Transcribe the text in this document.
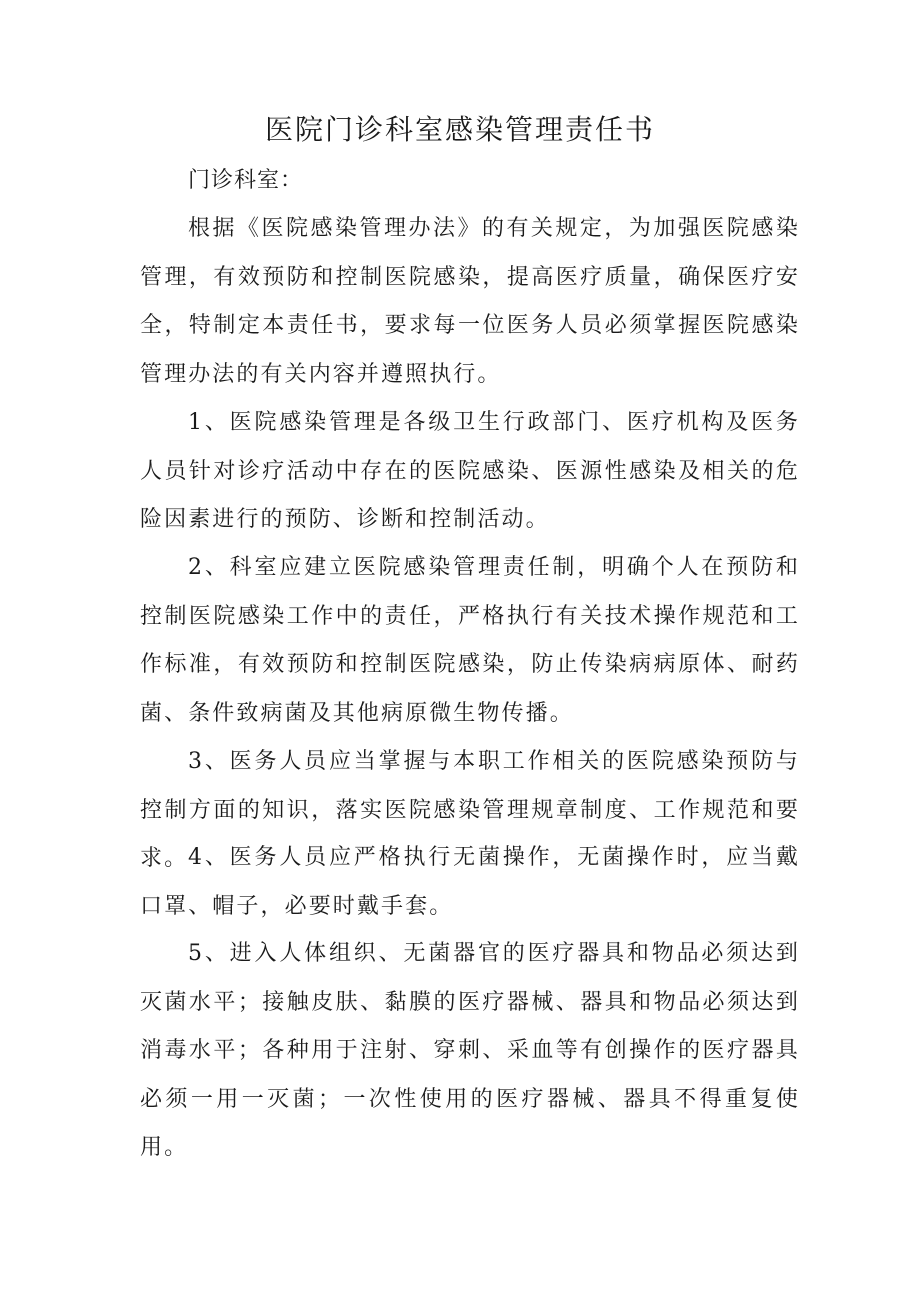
医院门诊科室感染管理责任书

门诊科室：

根据《医院感染管理办法》的有关规定，为加强医院感染管理，有效预防和控制医院感染，提高医疗质量，确保医疗安全，特制定本责任书，要求每一位医务人员必须掌握医院感染管理办法的有关内容并遵照执行。

1、医院感染管理是各级卫生行政部门、医疗机构及医务人员针对诊疗活动中存在的医院感染、医源性感染及相关的危险因素进行的预防、诊断和控制活动。

2、科室应建立医院感染管理责任制，明确个人在预防和控制医院感染工作中的责任，严格执行有关技术操作规范和工作标准，有效预防和控制医院感染，防止传染病病原体、耐药菌、条件致病菌及其他病原微生物传播。

3、医务人员应当掌握与本职工作相关的医院感染预防与控制方面的知识，落实医院感染管理规章制度、工作规范和要求。 4、医务人员应严格执行无菌操作，无菌操作时，应当戴口罩、帽子，必要时戴手套。

5、进入人体组织、无菌器官的医疗器具和物品必须达到灭菌水平；接触皮肤、黏膜的医疗器械、器具和物品必须达到消毒水平；各种用于注射、穿刺、采血等有创操作的医疗器具必须一用一灭菌；一次性使用的医疗器械、器具不得重复使用。
